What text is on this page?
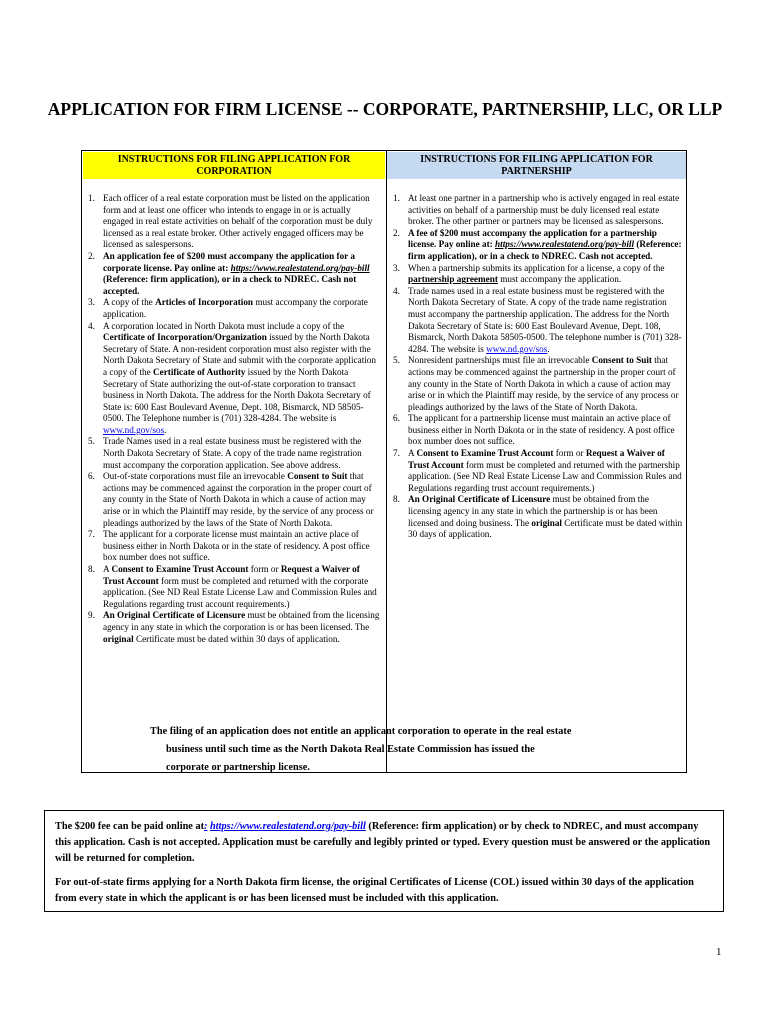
APPLICATION FOR FIRM LICENSE -- CORPORATE, PARTNERSHIP, LLC, OR LLP
INSTRUCTIONS FOR FILING APPLICATION FOR CORPORATION
INSTRUCTIONS FOR FILING APPLICATION FOR PARTNERSHIP
1. Each officer of a real estate corporation must be listed on the application form and at least one officer who intends to engage in or is actually engaged in real estate activities on behalf of the corporation must be duly licensed as a real estate broker. Other actively engaged officers may be licensed as salespersons.
2. An application fee of $200 must accompany the application for a corporate license. Pay online at: https://www.realestatend.org/pay-bill (Reference: firm application), or in a check to NDREC. Cash not accepted.
3. A copy of the Articles of Incorporation must accompany the corporate application.
4. A corporation located in North Dakota must include a copy of the Certificate of Incorporation/Organization issued by the North Dakota Secretary of State. A non-resident corporation must also register with the North Dakota Secretary of State and submit with the corporate application a copy of the Certificate of Authority issued by the North Dakota Secretary of State authorizing the out-of-state corporation to transact business in North Dakota. The address for the North Dakota Secretary of State is: 600 East Boulevard Avenue, Dept. 108, Bismarck, ND 58505-0500. The Telephone number is (701) 328-4284. The website is www.nd.gov/sos.
5. Trade Names used in a real estate business must be registered with the North Dakota Secretary of State. A copy of the trade name registration must accompany the corporation application. See above address.
6. Out-of-state corporations must file an irrevocable Consent to Suit that actions may be commenced against the corporation in the proper court of any county in the State of North Dakota in which a cause of action may arise or in which the Plaintiff may reside, by the service of any process or pleadings authorized by the laws of the State of North Dakota.
7. The applicant for a corporate license must maintain an active place of business either in North Dakota or in the state of residency. A post office box number does not suffice.
8. A Consent to Examine Trust Account form or Request a Waiver of Trust Account form must be completed and returned with the corporate application. (See ND Real Estate License Law and Commission Rules and Regulations regarding trust account requirements.)
9. An Original Certificate of Licensure must be obtained from the licensing agency in any state in which the corporation is or has been licensed. The original Certificate must be dated within 30 days of application.
1. At least one partner in a partnership who is actively engaged in real estate activities on behalf of a partnership must be duly licensed real estate broker. The other partner or partners may be licensed as salespersons.
2. A fee of $200 must accompany the application for a partnership license. Pay online at: https://www.realestatend.org/pay-bill (Reference: firm application), or in a check to NDREC. Cash not accepted.
3. When a partnership submits its application for a license, a copy of the partnership agreement must accompany the application.
4. Trade names used in a real estate business must be registered with the North Dakota Secretary of State. A copy of the trade name registration must accompany the partnership application. The address for the North Dakota Secretary of State is: 600 East Boulevard Avenue, Dept. 108, Bismarck, North Dakota 58505-0500. The telephone number is (701) 328-4284. The website is www.nd.gov/sos.
5. Nonresident partnerships must file an irrevocable Consent to Suit that actions may be commenced against the partnership in the proper court of any county in the State of North Dakota in which a cause of action may arise or in which the Plaintiff may reside, by the service of any process or pleadings authorized by the laws of the State of North Dakota.
6. The applicant for a partnership license must maintain an active place of business either in North Dakota or in the state of residency. A post office box number does not suffice.
7. A Consent to Examine Trust Account form or Request a Waiver of Trust Account form must be completed and returned with the partnership application. (See ND Real Estate License Law and Commission Rules and Regulations regarding trust account requirements.)
8. An Original Certificate of Licensure must be obtained from the licensing agency in any state in which the partnership is or has been licensed and doing business. The original Certificate must be dated within 30 days of application.
The filing of an application does not entitle an applicant corporation to operate in the real estate
business until such time as the North Dakota Real Estate Commission has issued the
corporate or partnership license.

The $200 fee can be paid online at: https://www.realestatend.org/pay-bill (Reference: firm application) or by check to NDREC, and must accompany this application. Cash is not accepted. Application must be carefully and legibly printed or typed. Every question must be answered or the application will be returned for completion.

For out-of-state firms applying for a North Dakota firm license, the original Certificates of License (COL) issued within 30 days of the application from every state in which the applicant is or has been licensed must be included with this application.

1
